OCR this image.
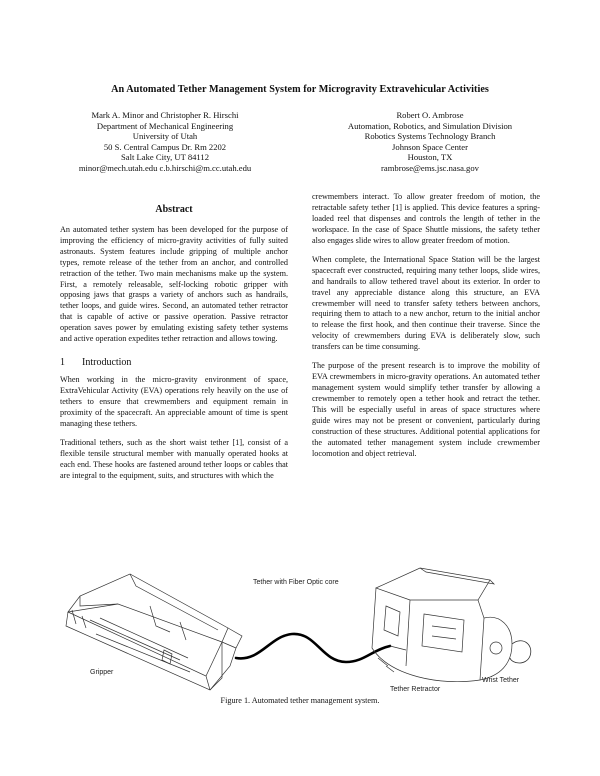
An Automated Tether Management System for Microgravity Extravehicular Activities
Mark A. Minor and Christopher R. Hirschi
Department of Mechanical Engineering
University of Utah
50 S. Central Campus Dr. Rm 2202
Salt Lake City, UT 84112
minor@mech.utah.edu c.b.hirschi@m.cc.utah.edu
Robert O. Ambrose
Automation, Robotics, and Simulation Division
Robotics Systems Technology Branch
Johnson Space Center
Houston, TX
rambrose@ems.jsc.nasa.gov
Abstract

An automated tether system has been developed for the purpose of improving the efficiency of micro-gravity activities of fully suited astronauts. System features include gripping of multiple anchor types, remote release of the tether from an anchor, and controlled retraction of the tether. Two main mechanisms make up the system. First, a remotely releasable, self-locking robotic gripper with opposing jaws that grasps a variety of anchors such as handrails, tether loops, and guide wires. Second, an automated tether retractor that is capable of active or passive operation. Passive retractor operation saves power by emulating existing safety tether systems and active operation expedites tether retraction and allows towing.

1 Introduction

When working in the micro-gravity environment of space, ExtraVehicular Activity (EVA) operations rely heavily on the use of tethers to ensure that crewmembers and equipment remain in proximity of the spacecraft. An appreciable amount of time is spent managing these tethers.

Traditional tethers, such as the short waist tether [1], consist of a flexible tensile structural member with manually operated hooks at each end. These hooks are fastened around tether loops or cables that are integral to the equipment, suits, and structures with which the

crewmembers interact. To allow greater freedom of motion, the retractable safety tether [1] is applied. This device features a spring-loaded reel that dispenses and controls the length of tether in the workspace. In the case of Space Shuttle missions, the safety tether also engages slide wires to allow greater freedom of motion.

When complete, the International Space Station will be the largest spacecraft ever constructed, requiring many tether loops, slide wires, and handrails to allow tethered travel about its exterior. In order to travel any appreciable distance along this structure, an EVA crewmember will need to transfer safety tethers between anchors, requiring them to attach to a new anchor, return to the initial anchor to release the first hook, and then continue their traverse. Since the velocity of crewmembers during EVA is deliberately slow, such transfers can be time consuming.

The purpose of the present research is to improve the mobility of EVA crewmembers in micro-gravity operations. An automated tether management system would simplify tether transfer by allowing a crewmember to remotely open a tether hook and retract the tether. This will be especially useful in areas of space structures where guide wires may not be present or convenient, particularly during construction of these structures. Additional potential applications for the automated tether management system include crewmember locomotion and object retrieval.

Tether with Fiber Optic core
Gripper
Tether Retractor
Wrist Tether
Figure 1. Automated tether management system.
